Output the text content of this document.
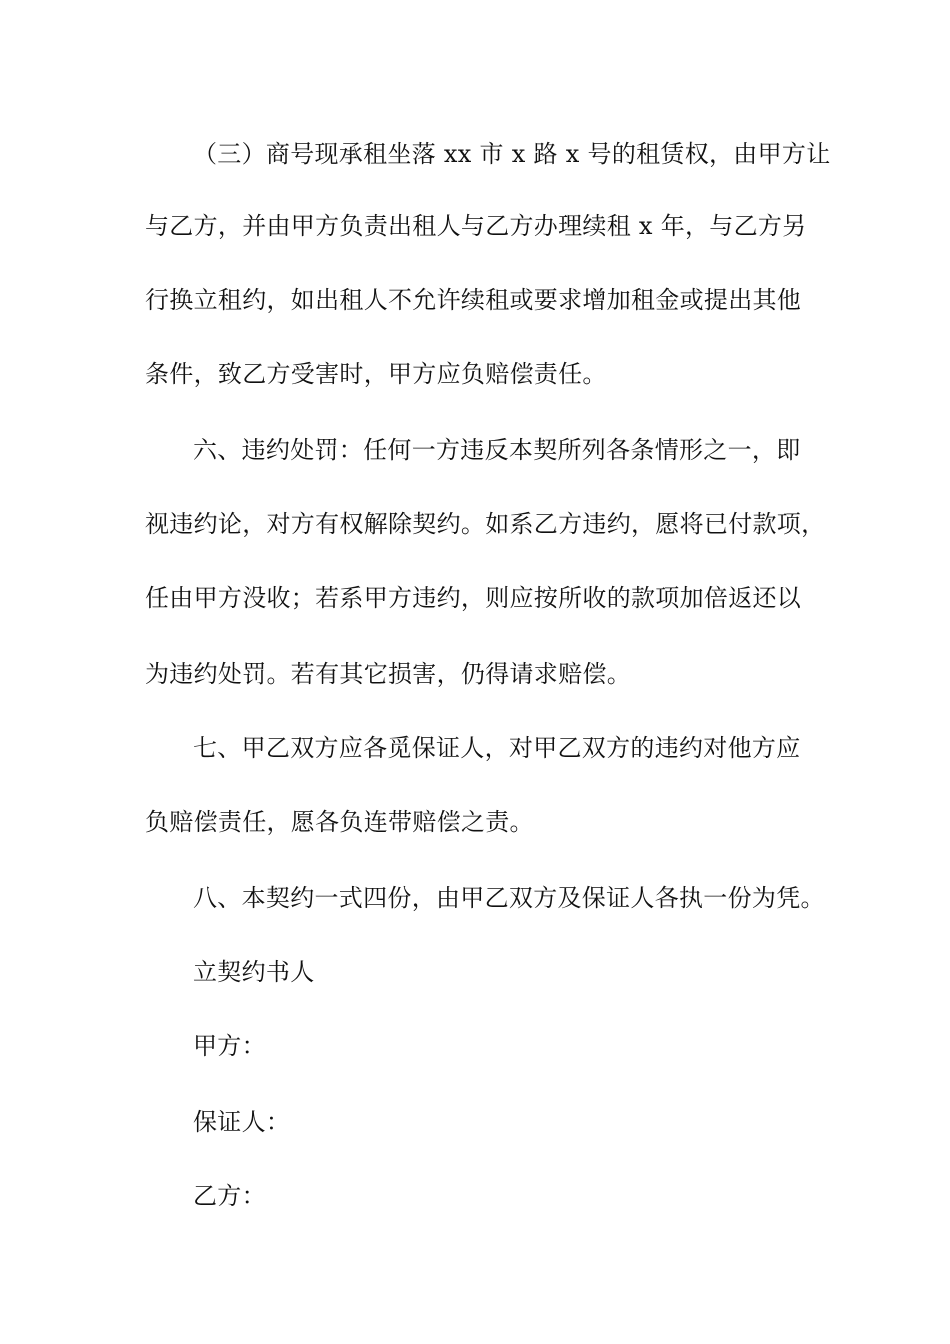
（三）商号现承租坐落 xx 市 x 路 x 号的租赁权，由甲方让
与乙方，并由甲方负责出租人与乙方办理续租 x 年，与乙方另
行换立租约，如出租人不允许续租或要求增加租金或提出其他
条件，致乙方受害时，甲方应负赔偿责任。
六、违约处罚：任何一方违反本契所列各条情形之一，即
视违约论，对方有权解除契约。如系乙方违约，愿将已付款项，
任由甲方没收；若系甲方违约，则应按所收的款项加倍返还以
为违约处罚。若有其它损害，仍得请求赔偿。
七、甲乙双方应各觅保证人，对甲乙双方的违约对他方应
负赔偿责任，愿各负连带赔偿之责。
八、本契约一式四份，由甲乙双方及保证人各执一份为凭。
立契约书人
甲方：
保证人：
乙方：
